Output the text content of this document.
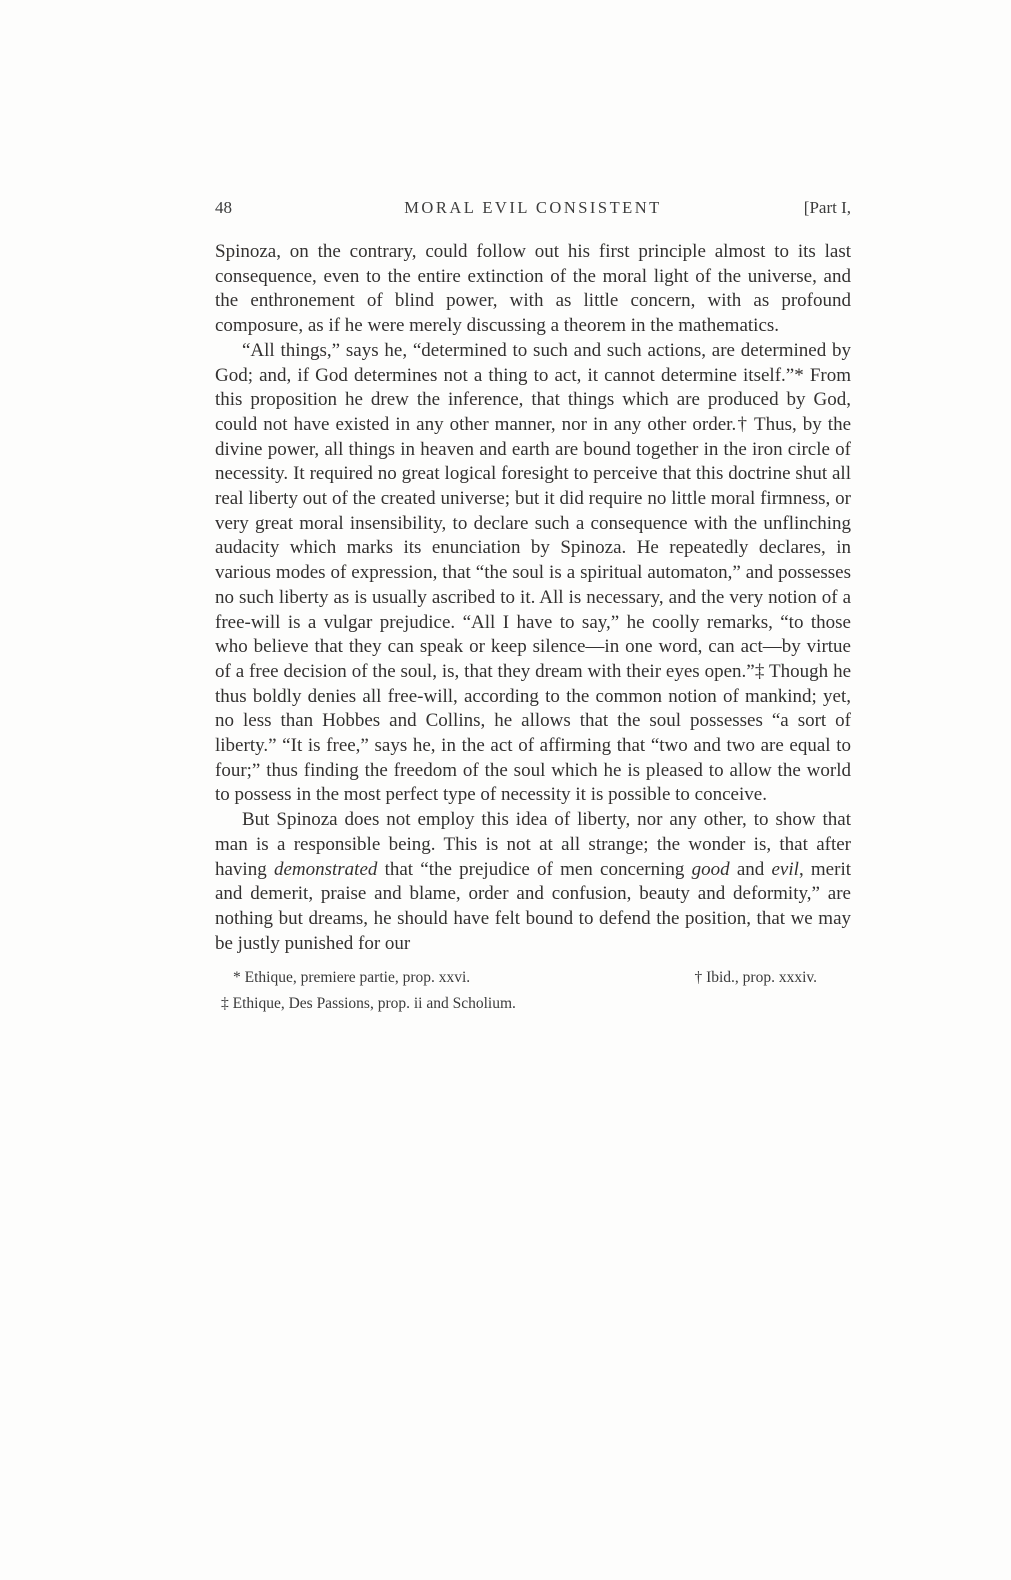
48	MORAL EVIL CONSISTENT	[Part I,

Spinoza, on the contrary, could follow out his first principle almost to its last consequence, even to the entire extinction of the moral light of the universe, and the enthronement of blind power, with as little concern, with as profound composure, as if he were merely discussing a theorem in the mathematics.

“All things,” says he, “determined to such and such actions, are determined by God; and, if God determines not a thing to act, it cannot determine itself.”* From this proposition he drew the inference, that things which are produced by God, could not have existed in any other manner, nor in any other order.† Thus, by the divine power, all things in heaven and earth are bound together in the iron circle of necessity. It required no great logical foresight to perceive that this doctrine shut all real liberty out of the created universe; but it did require no little moral firmness, or very great moral insensibility, to declare such a consequence with the unflinching audacity which marks its enunciation by Spinoza. He repeatedly declares, in various modes of expression, that “the soul is a spiritual automaton,” and possesses no such liberty as is usually ascribed to it. All is necessary, and the very notion of a free-will is a vulgar prejudice. “All I have to say,” he coolly remarks, “to those who believe that they can speak or keep silence—in one word, can act—by virtue of a free decision of the soul, is, that they dream with their eyes open.”‡ Though he thus boldly denies all free-will, according to the common notion of mankind; yet, no less than Hobbes and Collins, he allows that the soul possesses “a sort of liberty.” “It is free,” says he, in the act of affirming that “two and two are equal to four;” thus finding the freedom of the soul which he is pleased to allow the world to possess in the most perfect type of necessity it is possible to conceive.

But Spinoza does not employ this idea of liberty, nor any other, to show that man is a responsible being. This is not at all strange; the wonder is, that after having demonstrated that “the prejudice of men concerning good and evil, merit and demerit, praise and blame, order and confusion, beauty and deformity,” are nothing but dreams, he should have felt bound to defend the position, that we may be justly punished for our

* Ethique, premiere partie, prop. xxvi.	† Ibid., prop. xxxiv.
‡ Ethique, Des Passions, prop. ii and Scholium.
